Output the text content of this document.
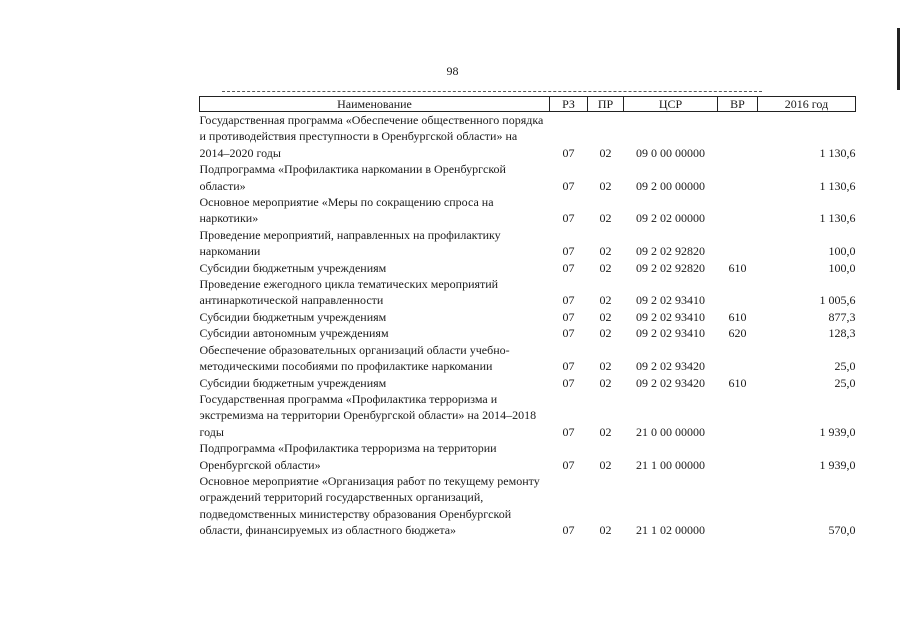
98
Наименование	РЗ	ПР	ЦСР	ВР	2016 год
Государственная программа «Обеспечение общественного порядка и противодействия преступности в Оренбургской области» на 2014–2020 годы	07	02	09 0 00 00000		1 130,6
Подпрограмма «Профилактика наркомании в Оренбургской области»	07	02	09 2 00 00000		1 130,6
Основное мероприятие «Меры по сокращению спроса на наркотики»	07	02	09 2 02 00000		1 130,6
Проведение мероприятий, направленных на профилактику наркомании	07	02	09 2 02 92820		100,0
Субсидии бюджетным учреждениям	07	02	09 2 02 92820	610	100,0
Проведение ежегодного цикла тематических мероприятий антинаркотической направленности	07	02	09 2 02 93410		1 005,6
Субсидии бюджетным учреждениям	07	02	09 2 02 93410	610	877,3
Субсидии автономным учреждениям	07	02	09 2 02 93410	620	128,3
Обеспечение образовательных организаций области учебно-методическими пособиями по профилактике наркомании	07	02	09 2 02 93420		25,0
Субсидии бюджетным учреждениям	07	02	09 2 02 93420	610	25,0
Государственная программа «Профилактика терроризма и экстремизма на территории Оренбургской области» на 2014–2018 годы	07	02	21 0 00 00000		1 939,0
Подпрограмма «Профилактика терроризма на территории Оренбургской области»	07	02	21 1 00 00000		1 939,0
Основное мероприятие «Организация работ по текущему ремонту ограждений территорий государственных организаций, подведомственных министерству образования Оренбургской области, финансируемых из областного бюджета»	07	02	21 1 02 00000		570,0
